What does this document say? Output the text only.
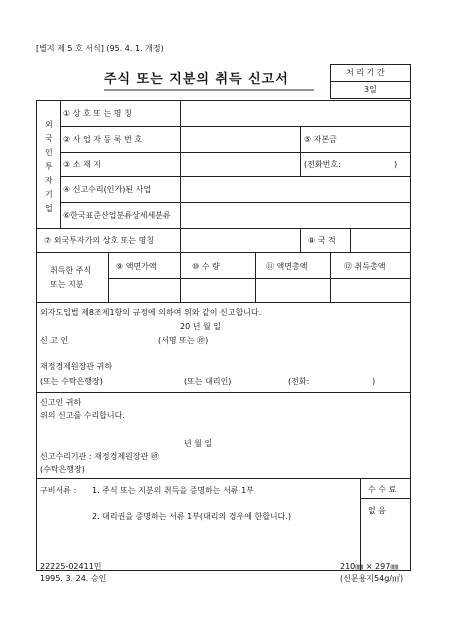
[별지 제 5 호 서식] (95. 4. 1. 개정)
주식 또는 지분의 취득 신고서	처 리 기 간
3일
외
국
인
투
자
기
업
① 상 호 또 는 명 칭
② 사 업 자 등 록 번 호	⑤ 자본금
③ 소 재 지	(전화번호:	)
④ 신고수리(인가)된 사업
⑥한국표준산업분류상세세분류
⑦ 외국투자가의 상호 또는 명칭	⑧ 국 적
취득한 주식
또는 지분
⑨ 액면가액	⑩ 수 량	⑪ 액면총액	⑫ 취득총액
외자도입법 제8조제1항의 규정에 의하여 위와 같이 신고합니다.
20 년 월 일
신 고 인	(서명 또는 ㊞)
재정경제원장관 귀하
(또는 수탁은행장)	(또는 대리인)	(전화:	)
신고인 귀하
위의 신고를 수리합니다.
년 월 일
신고수리기관 : 재정경제원장관 ㊞
(수탁은행장)
구비서류 : 1. 주식 또는 지분의 취득을 증명하는 서류 1부
2. 대리권을 증명하는 서류 1부(대리의 경우에 한합니다.)
수 수 료
없 음
22225-02411민
1995. 3. 24. 승인
210㎜ × 297㎜
(신문용지54g/㎡)
